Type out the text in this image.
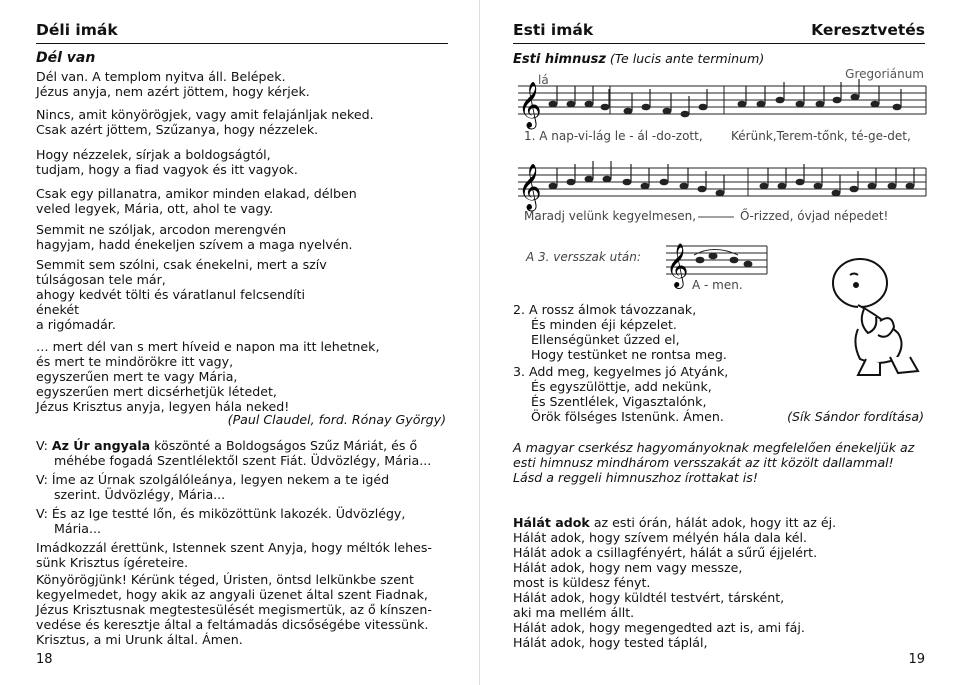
Déli imák
Dél van
Dél van. A templom nyitva áll. Belépek.
Jézus anyja, nem azért jöttem, hogy kérjek.
Nincs, amit könyörögjek, vagy amit felajánljak neked.
Csak azért jöttem, Szűzanya, hogy nézzelek.
Hogy nézzelek, sírjak a boldogságtól,
tudjam, hogy a fiad vagyok és itt vagyok.
Csak egy pillanatra, amikor minden elakad, délben
veled legyek, Mária, ott, ahol te vagy.
Semmit ne szóljak, arcodon merengvén
hagyjam, hadd énekeljen szívem a maga nyelvén.
Semmit sem szólni, csak énekelni, mert a szív
túlságosan tele már,
ahogy kedvét tölti és váratlanul felcsendíti
énekét
a rigómadár.
… mert dél van s mert híveid e napon ma itt lehetnek,
és mert te mindörökre itt vagy,
egyszerűen mert te vagy Mária,
egyszerűen mert dicsérhetjük létedet,
Jézus Krisztus anyja, legyen hála neked!
(Paul Claudel, ford. Rónay György)
V: Az Úr angyala köszönté a Boldogságos Szűz Máriát, és ő
méhébe fogadá Szentlélektől szent Fiát. Üdvözlégy, Mária...
V: Íme az Úrnak szolgálóleánya, legyen nekem a te igéd
szerint. Üdvözlégy, Mária...
V: És az Ige testté lőn, és miközöttünk lakozék. Üdvözlégy,
Mária...
Imádkozzál érettünk, Istennek szent Anyja, hogy méltók lehes-
sünk Krisztus ígéreteire.
Könyörögjünk! Kérünk téged, Úristen, öntsd lelkünkbe szent
kegyelmedet, hogy akik az angyali üzenet által szent Fiadnak,
Jézus Krisztusnak megtestesülését megismertük, az ő kínszen-
vedése és keresztje által a feltámadás dicsőségébe vitessünk.
Krisztus, a mi Urunk által. Ámen.
18
Esti imák	Keresztvetés
Esti himnusz (Te lucis ante terminum)
lá	Gregoriánum
𝄞
1. A nap-vi-lág le - ál -do-zott, Kérünk,Terem-tőnk, té-ge-det,
𝄞
Maradj velünk kegyelmesen,	Ő-rizzed, óvjad népedet!
A 3. versszak után: 𝄞 A - men.
2. A rossz álmok távozzanak,
És minden éji képzelet.
Ellenségünket űzzed el,
Hogy testünket ne rontsa meg.
3. Add meg, kegyelmes jó Atyánk,
És egyszülöttje, add nekünk,
És Szentlélek, Vigasztalónk,
Örök fölséges Istenünk. Ámen.	(Sík Sándor fordítása)
A magyar cserkész hagyományoknak megfelelően énekeljük az
esti himnusz mindhárom versszakát az itt közölt dallammal!
Lásd a reggeli himnuszhoz írottakat is!
Hálát adok az esti órán, hálát adok, hogy itt az éj.
Hálát adok, hogy szívem mélyén hála dala kél.
Hálát adok a csillagfényért, hálát a sűrű éjjelért.
Hálát adok, hogy nem vagy messze,
most is küldesz fényt.
Hálát adok, hogy küldtél testvért, társként,
aki ma mellém állt.
Hálát adok, hogy megengedted azt is, ami fáj.
Hálát adok, hogy tested táplál,
19
